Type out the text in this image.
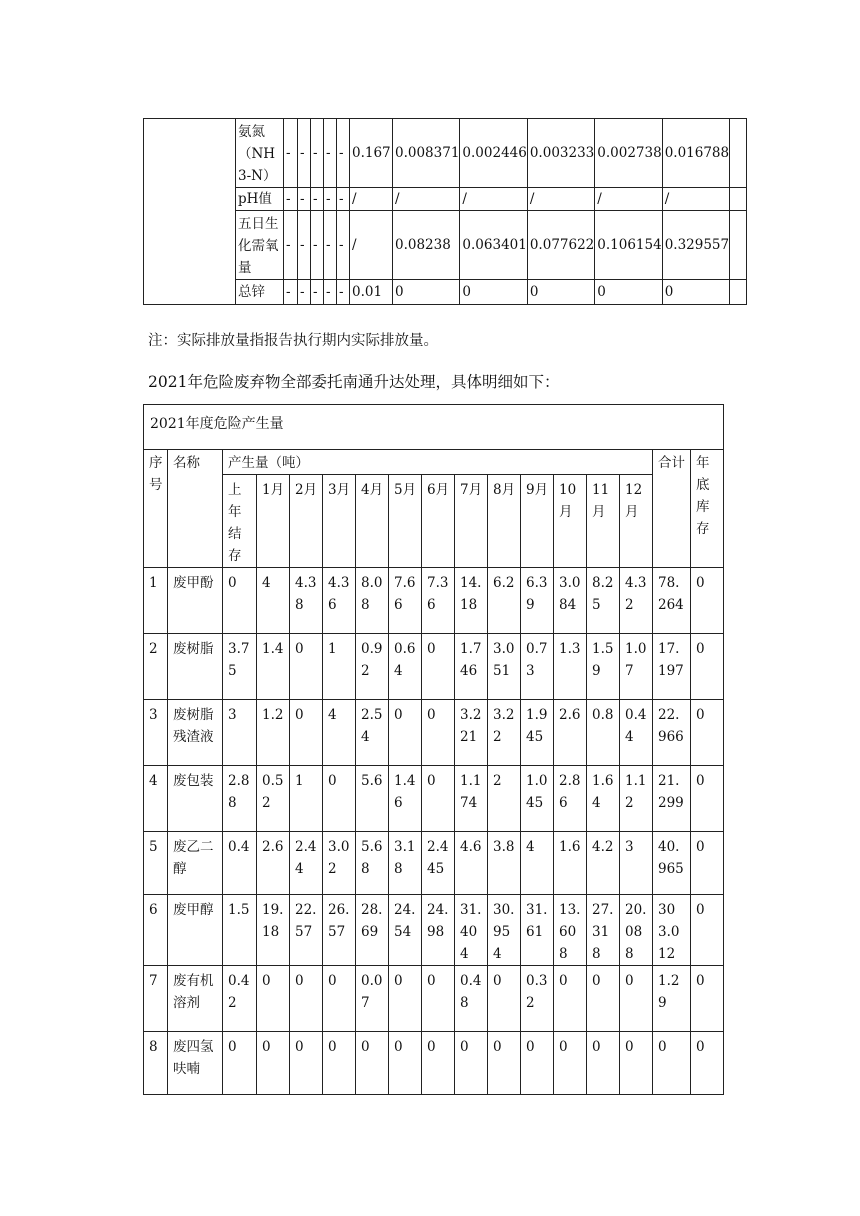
	氨氮（NH3-N）	-	-	-	-	-	0.167	0.008371	0.002446	0.003233	0.002738	0.016788	
	pH值	-	-	-	-	-	/	/	/	/	/	/	
	五日生化需氧量	-	-	-	-	-	/	0.08238	0.063401	0.077622	0.106154	0.329557	
	总锌	-	-	-	-	-	0.01	0	0	0	0	0	
注：实际排放量指报告执行期内实际排放量。
2021年危险废弃物全部委托南通升达处理，具体明细如下：
2021年度危险产生量																
序号	名称	产生量（吨）													合计	年底库存
		上年结存	1月	2月	3月	4月	5月	6月	7月	8月	9月	10月	11月	12月		
1	废甲酚	0	4	4.38	4.36	8.08	7.66	7.36	14.18	6.2	6.39	3.084	8.25	4.32	78.264	0
2	废树脂	3.75	1.4	0	1	0.92	0.64	0	1.746	3.051	0.73	1.3	1.59	1.07	17.197	0
3	废树脂残渣液	3	1.2	0	4	2.54	0	0	3.221	3.22	1.945	2.6	0.8	0.44	22.966	0
4	废包装	2.88	0.52	1	0	5.6	1.46	0	1.174	2	1.045	2.86	1.64	1.12	21.299	0
5	废乙二醇	0.4	2.6	2.44	3.02	5.68	3.18	2.445	4.6	3.8	4	1.6	4.2	3	40.965	0
6	废甲醇	1.5	19.18	22.57	26.57	28.69	24.54	24.98	31.404	30.954	31.61	13.608	27.318	20.088	303.012	0
7	废有机溶剂	0.42	0	0	0	0.07	0	0	0.48	0	0.32	0	0	0	1.29	0
8	废四氢呋喃	0	0	0	0	0	0	0	0	0	0	0	0	0	0	0
